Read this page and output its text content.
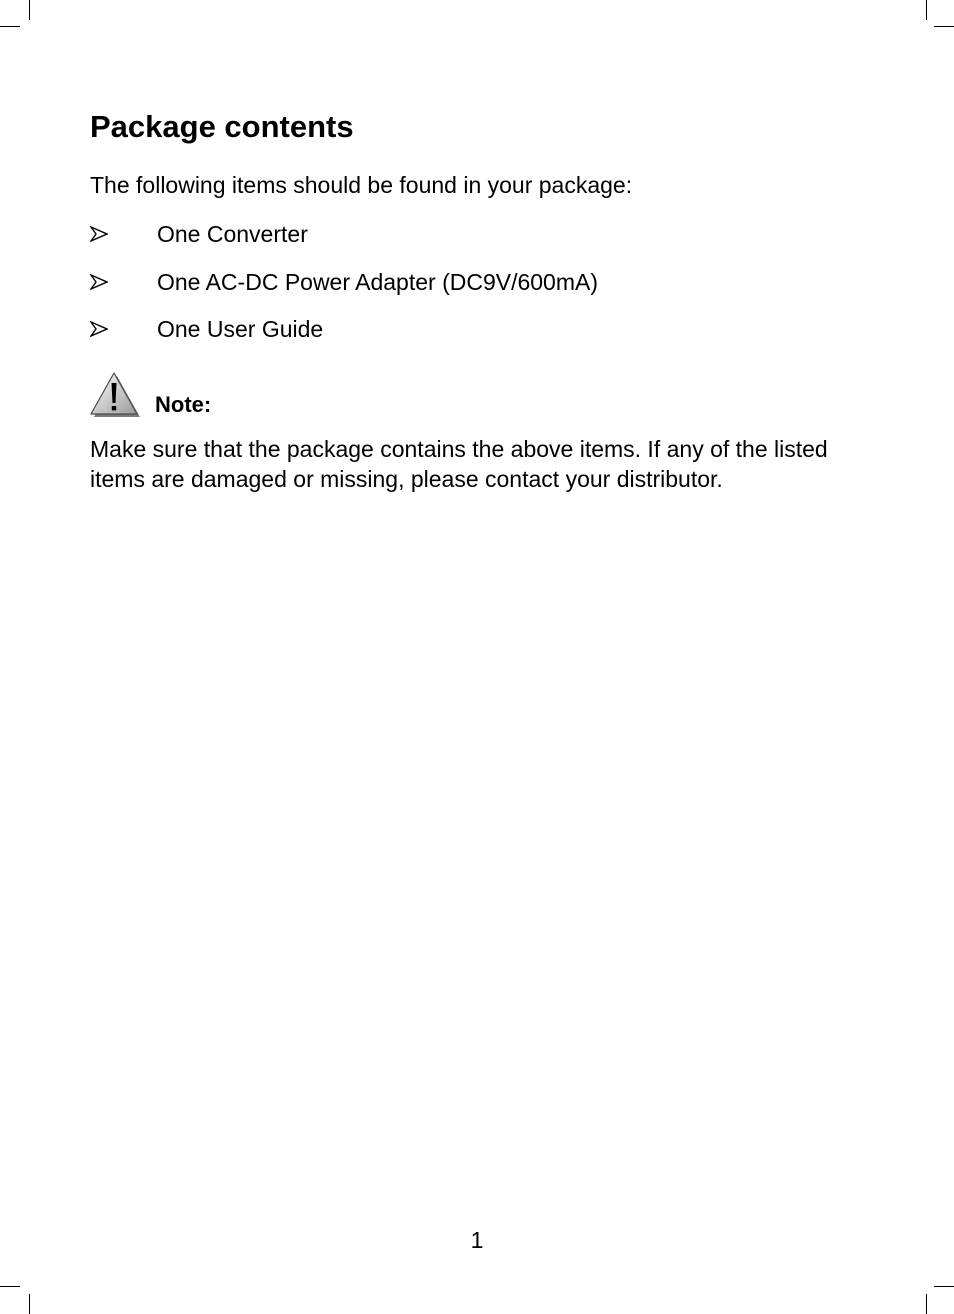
Package contents
The following items should be found in your package:
One Converter
One AC-DC Power Adapter (DC9V/600mA)
One User Guide
Note:

Make sure that the package contains the above items. If any of the listed items are damaged or missing, please contact your distributor.

1
